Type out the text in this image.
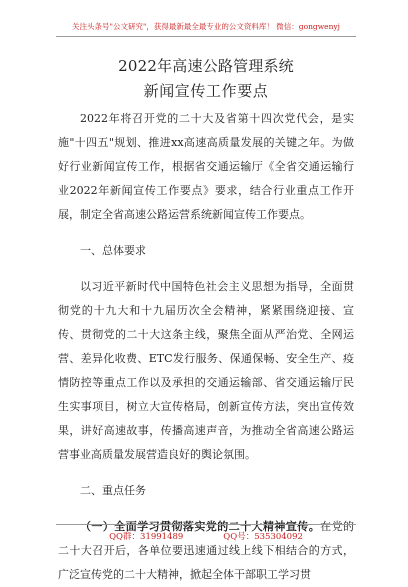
关注头条号"公文研究"，获得最新最全最专业的公文资料库！ 微信：gongwenyj
2022年高速公路管理系统
新闻宣传工作要点

2022年将召开党的二十大及省第十四次党代会，是实施"十四五"规划、推进xx高速高质量发展的关键之年。为做好行业新闻宣传工作，根据省交通运输厅《全省交通运输行业2022年新闻宣传工作要点》要求，结合行业重点工作开展，制定全省高速公路运营系统新闻宣传工作要点。

一、总体要求

以习近平新时代中国特色社会主义思想为指导，全面贯彻党的十九大和十九届历次全会精神，紧紧围绕迎接、宣传、贯彻党的二十大这条主线，聚焦全面从严治党、全网运营、差异化收费、ETC发行服务、保通保畅、安全生产、疫情防控等重点工作以及承担的交通运输部、省交通运输厅民生实事项目，树立大宣传格局，创新宣传方法，突出宣传效果，讲好高速故事，传播高速声音，为推动全省高速公路运营事业高质量发展营造良好的舆论氛围。

二、重点任务

（一）全面学习贯彻落实党的二十大精神宣传。在党的二十大召开后，各单位要迅速通过线上线下相结合的方式，广泛宣传党的二十大精神，掀起全体干部职工学习贯

QQ群：31991489	QQ号：535304092
